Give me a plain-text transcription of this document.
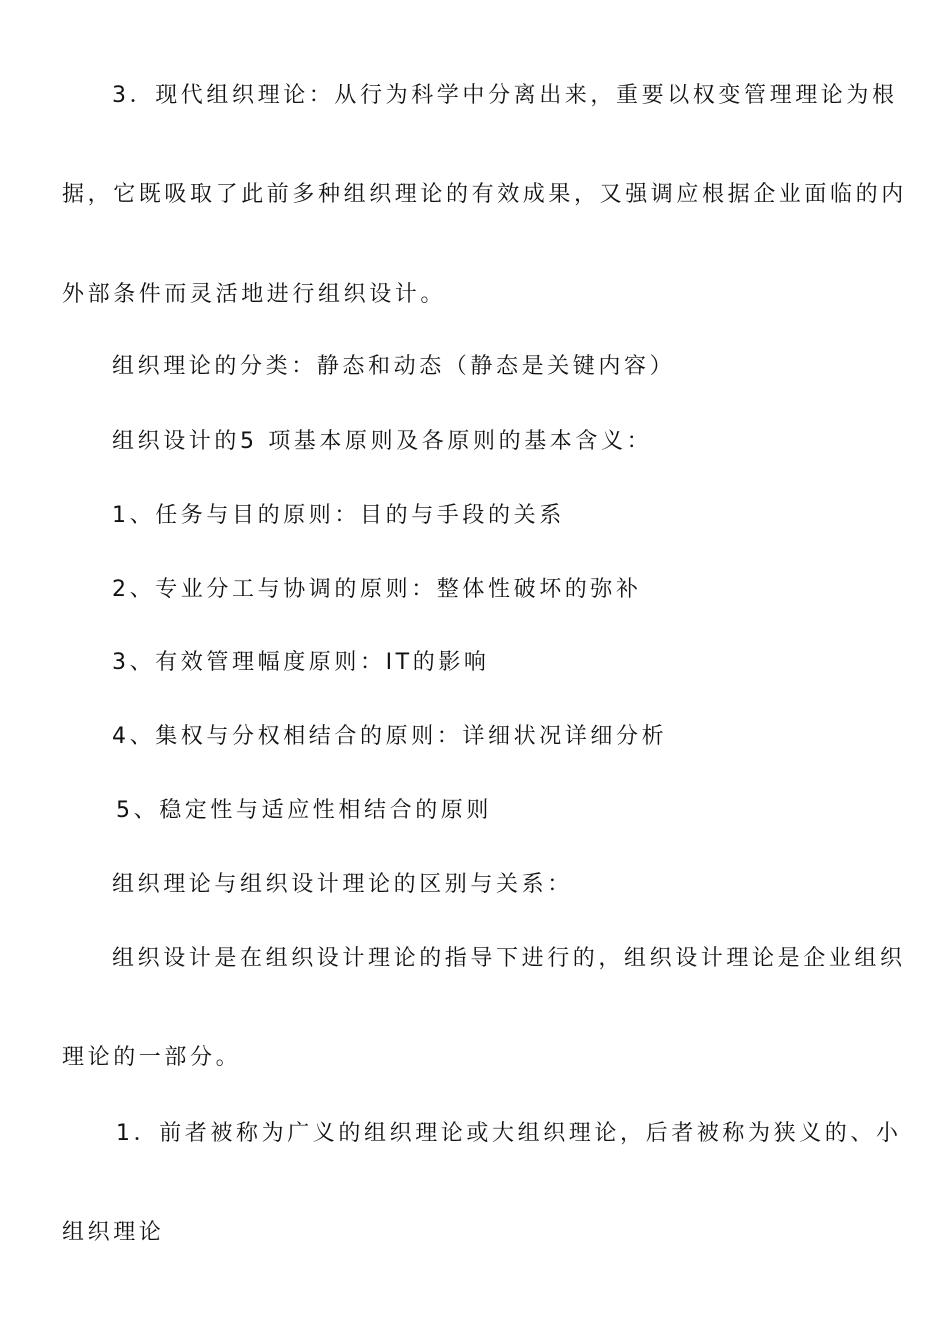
3．现代组织理论：从行为科学中分离出来，重要以权变管理理论为根

据，它既吸取了此前多种组织理论的有效成果，又强调应根据企业面临的内

外部条件而灵活地进行组织设计。

组织理论的分类：静态和动态（静态是关键内容）

组织设计的5 项基本原则及各原则的基本含义：

1、任务与目的原则：目的与手段的关系

2、专业分工与协调的原则：整体性破坏的弥补

3、有效管理幅度原则：IT的影响

4、集权与分权相结合的原则：详细状况详细分析

5、稳定性与适应性相结合的原则

组织理论与组织设计理论的区别与关系：

组织设计是在组织设计理论的指导下进行的，组织设计理论是企业组织

理论的一部分。

1．前者被称为广义的组织理论或大组织理论，后者被称为狭义的、小

组织理论
